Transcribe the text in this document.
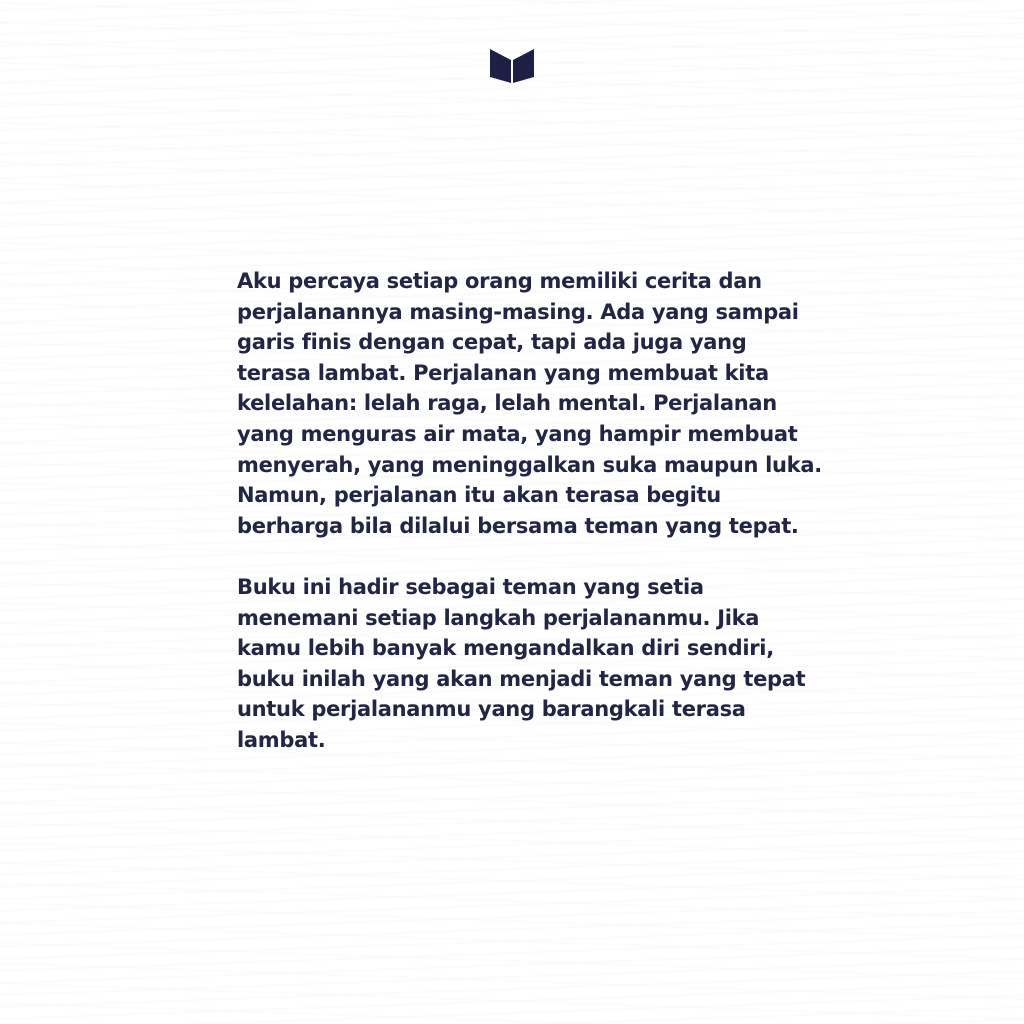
Aku percaya setiap orang memiliki cerita dan
perjalanannya masing-masing. Ada yang sampai
garis finis dengan cepat, tapi ada juga yang
terasa lambat. Perjalanan yang membuat kita
kelelahan: lelah raga, lelah mental. Perjalanan
yang menguras air mata, yang hampir membuat
menyerah, yang meninggalkan suka maupun luka.
Namun, perjalanan itu akan terasa begitu
berharga bila dilalui bersama teman yang tepat.

Buku ini hadir sebagai teman yang setia
menemani setiap langkah perjalananmu. Jika
kamu lebih banyak mengandalkan diri sendiri,
buku inilah yang akan menjadi teman yang tepat
untuk perjalananmu yang barangkali terasa
lambat.
